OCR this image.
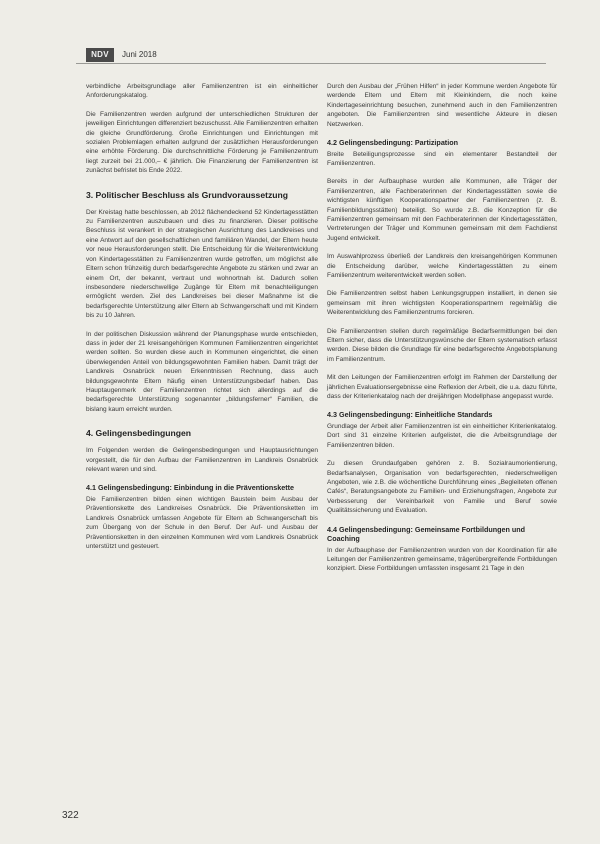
NDV	Juni 2018

verbindliche Arbeitsgrundlage aller Familienzentren ist ein einheitlicher Anforderungskatalog.

Die Familienzentren werden aufgrund der unterschiedlichen Strukturen der jeweiligen Einrichtungen differenziert bezuschusst. Alle Familienzentren erhalten die gleiche Grundförderung. Große Einrichtungen und Einrichtungen mit sozialen Problemlagen erhalten aufgrund der zusätzlichen Herausforderungen eine erhöhte Förderung. Die durchschnittliche Förderung je Familienzentrum liegt zurzeit bei 21.000,– € jährlich. Die Finanzierung der Familienzentren ist zunächst befristet bis Ende 2022.

3. Politischer Beschluss als Grundvoraussetzung

Der Kreistag hatte beschlossen, ab 2012 flächendeckend 52 Kindertagesstätten zu Familienzentren auszubauen und dies zu finanzieren. Dieser politische Beschluss ist verankert in der strategischen Ausrichtung des Landkreises und eine Antwort auf den gesellschaftlichen und familiären Wandel, der Eltern heute vor neue Herausforderungen stellt. Die Entscheidung für die Weiterentwicklung von Kindertagesstätten zu Familienzentren wurde getroffen, um möglichst alle Eltern schon frühzeitig durch bedarfsgerechte Angebote zu stärken und zwar an einem Ort, der bekannt, vertraut und wohnortnah ist. Dadurch sollen insbesondere niederschwellige Zugänge für Eltern mit benachteiligungen ermöglicht werden. Ziel des Landkreises bei dieser Maßnahme ist die bedarfsgerechte Unterstützung aller Eltern ab Schwangerschaft und mit Kindern bis zu 10 Jahren.

In der politischen Diskussion während der Planungsphase wurde entschieden, dass in jeder der 21 kreisangehörigen Kommunen Familienzentren eingerichtet werden sollten. So wurden diese auch in Kommunen eingerichtet, die einen überwiegenden Anteil von bildungsgewohnten Familien haben. Damit trägt der Landkreis Osnabrück neuen Erkenntnissen Rechnung, dass auch bildungsgewohnte Eltern häufig einen Unterstützungsbedarf haben. Das Hauptaugenmerk der Familienzentren richtet sich allerdings auf die bedarfsgerechte Unterstützung sogenannter „bildungsferner“ Familien, die bislang kaum erreicht wurden.

4. Gelingensbedingungen

Im Folgenden werden die Gelingensbedingungen und Hauptausrichtungen vorgestellt, die für den Aufbau der Familienzentren im Landkreis Osnabrück relevant waren und sind.

4.1 Gelingensbedingung: Einbindung in die Präventionskette

Die Familienzentren bilden einen wichtigen Baustein beim Ausbau der Präventionskette des Landkreises Osnabrück. Die Präventionsketten im Landkreis Osnabrück umfassen Angebote für Eltern ab Schwangerschaft bis zum Übergang von der Schule in den Beruf. Der Auf- und Ausbau der Präventionsketten in den einzelnen Kommunen wird vom Landkreis Osnabrück unterstützt und gesteuert.

Durch den Ausbau der „Frühen Hilfen“ in jeder Kommune werden Angebote für werdende Eltern und Eltern mit Kleinkindern, die noch keine Kindertageseinrichtung besuchen, zunehmend auch in den Familienzentren angeboten. Die Familienzentren sind wesentliche Akteure in diesen Netzwerken.

4.2 Gelingensbedingung: Partizipation

Breite Beteiligungsprozesse sind ein elementarer Bestandteil der Familienzentren.

Bereits in der Aufbauphase wurden alle Kommunen, alle Träger der Familienzentren, alle Fachberaterinnen der Kindertagesstätten sowie die wichtigsten künftigen Kooperationspartner der Familienzentren (z. B. Familienbildungsstätten) beteiligt. So wurde z.B. die Konzeption für die Familienzentren gemeinsam mit den Fachberaterinnen der Kindertagesstätten, Vertreterungen der Träger und Kommunen gemeinsam mit dem Fachdienst Jugend entwickelt.

Im Auswahlprozess überließ der Landkreis den kreisangehörigen Kommunen die Entscheidung darüber, welche Kindertagesstätten zu einem Familienzentrum weiterentwickelt werden sollen.

Die Familienzentren selbst haben Lenkungsgruppen installiert, in denen sie gemeinsam mit ihren wichtigsten Kooperationspartnern regelmäßig die Weiterentwicklung des Familienzentrums forcieren.

Die Familienzentren stellen durch regelmäßige Bedarfsermittlungen bei den Eltern sicher, dass die Unterstützungswünsche der Eltern systematisch erfasst werden. Diese bilden die Grundlage für eine bedarfsgerechte Angebotsplanung im Familienzentrum.

Mit den Leitungen der Familienzentren erfolgt im Rahmen der Darstellung der jährlichen Evaluationsergebnisse eine Reflexion der Arbeit, die u.a. dazu führte, dass der Kriterienkatalog nach der dreijährigen Modellphase angepasst wurde.

4.3 Gelingensbedingung: Einheitliche Standards

Grundlage der Arbeit aller Familienzentren ist ein einheitlicher Kriterienkatalog. Dort sind 31 einzelne Kriterien aufgelistet, die die Arbeitsgrundlage der Familienzentren bilden.

Zu diesen Grundaufgaben gehören z. B. Sozialraumorientierung, Bedarfsanalysen, Organisation von bedarfsgerechten, niederschwelligen Angeboten, wie z.B. die wöchentliche Durchführung eines „Begleiteten offenen Cafés“, Beratungsangebote zu Familien- und Erziehungsfragen, Angebote zur Verbesserung der Vereinbarkeit von Familie und Beruf sowie Qualitätssicherung und Evaluation.

4.4 Gelingensbedingung: Gemeinsame Fortbildungen und Coaching

In der Aufbauphase der Familienzentren wurden von der Koordination für alle Leitungen der Familienzentren gemeinsame, trägerübergreifende Fortbildungen konzipiert. Diese Fortbildungen umfassten insgesamt 21 Tage in den

322
